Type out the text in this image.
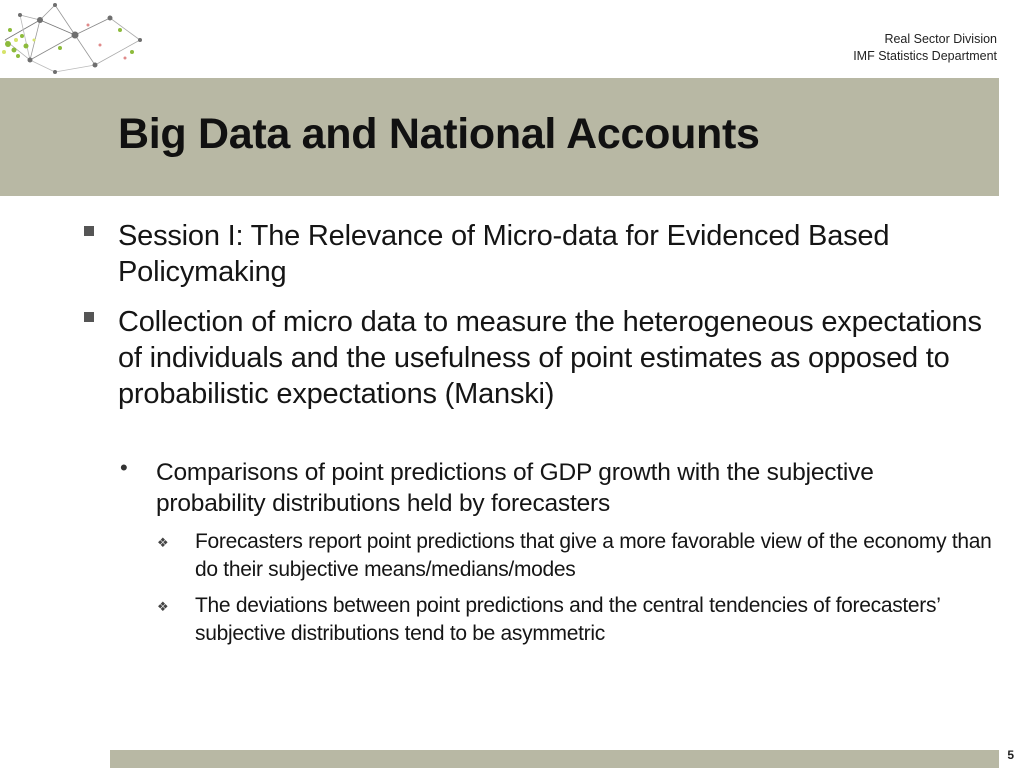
Real Sector Division
IMF Statistics Department
Big Data and National Accounts
Session I: The Relevance of Micro-data for Evidenced Based Policymaking
Collection of micro data to measure the heterogeneous expectations of individuals and the usefulness of point estimates as opposed to probabilistic expectations (Manski)
• Comparisons of point predictions of GDP growth with the subjective probability distributions held by forecasters
❖ Forecasters report point predictions that give a more favorable view of the economy than do their subjective means/medians/modes
❖ The deviations between point predictions and the central tendencies of forecasters’ subjective distributions tend to be asymmetric
5
